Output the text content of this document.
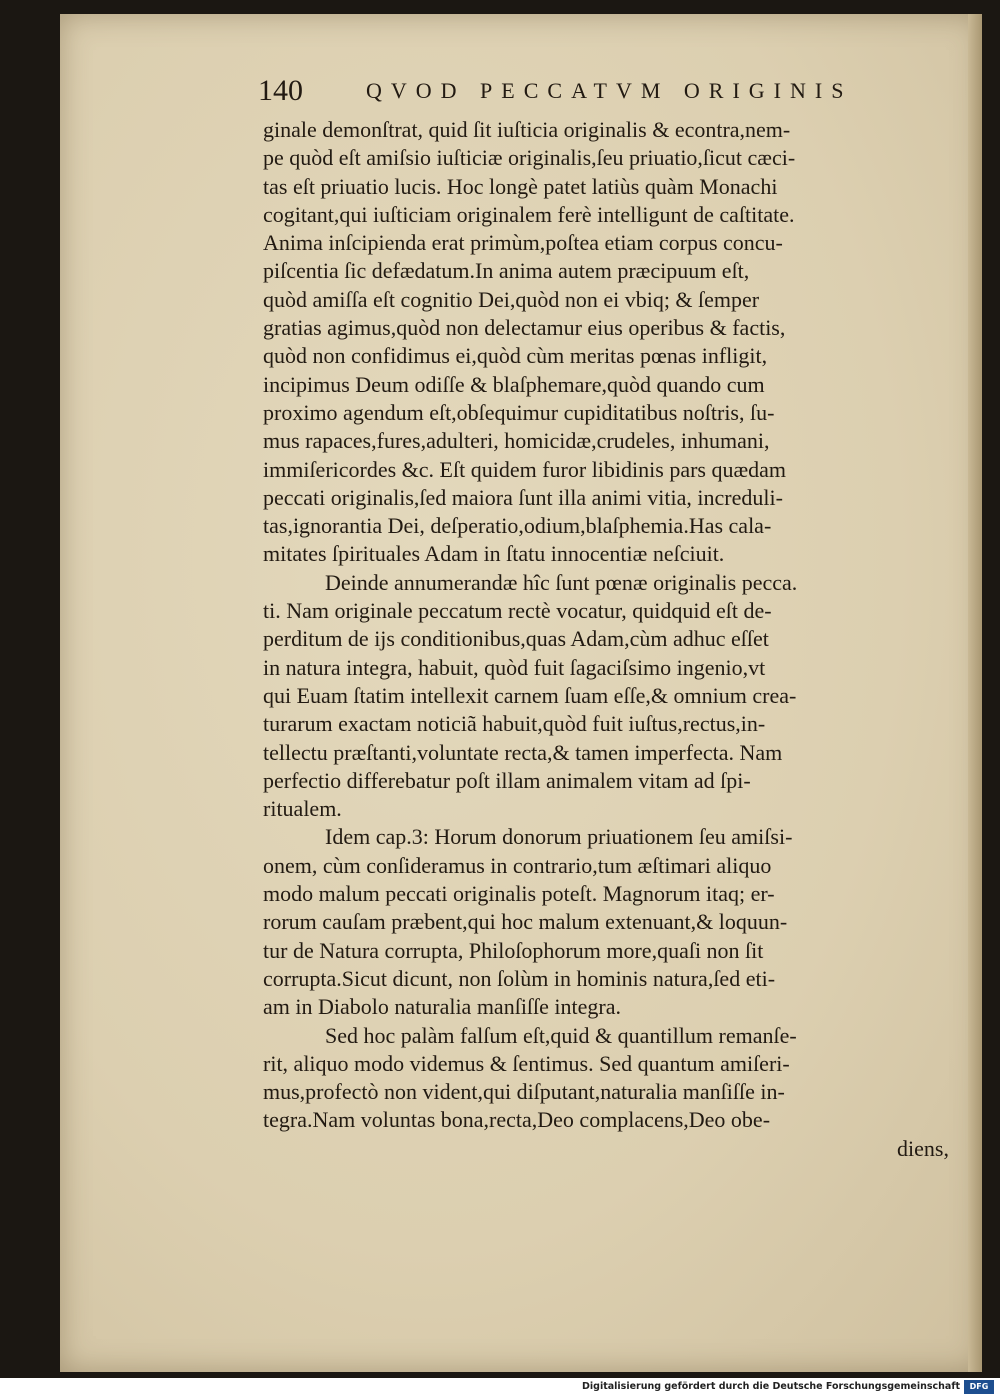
140	QVOD PECCATVM ORIGINIS
ginale demonſtrat, quid ſit iuſticia originalis & econtra,nem-
pe quòd eſt amiſsio iuſticiæ originalis,ſeu priuatio,ſicut cæci-
tas eſt priuatio lucis. Hoc longè patet latiùs quàm Monachi
cogitant,qui iuſticiam originalem ferè intelligunt de caſtitate.
Anima inſcipienda erat primùm,poſtea etiam corpus concu-
piſcentia ſic defædatum.In anima autem præcipuum eſt,
quòd amiſſa eſt cognitio Dei,quòd non ei vbiq; & ſemper
gratias agimus,quòd non delectamur eius operibus & factis,
quòd non confidimus ei,quòd cùm meritas pœnas infligit,
incipimus Deum odiſſe & blaſphemare,quòd quando cum
proximo agendum eſt,obſequimur cupiditatibus noſtris, ſu-
mus rapaces,fures,adulteri, homicidæ,crudeles, inhumani,
immiſericordes &c. Eſt quidem furor libidinis pars quædam
peccati originalis,ſed maiora ſunt illa animi vitia, increduli-
tas,ignorantia Dei, deſperatio,odium,blaſphemia.Has cala-
mitates ſpirituales Adam in ſtatu innocentiæ neſciuit.
Deinde annumerandæ hîc ſunt pœnæ originalis pecca.
ti. Nam originale peccatum rectè vocatur, quidquid eſt de-
perditum de ijs conditionibus,quas Adam,cùm adhuc eſſet
in natura integra, habuit, quòd fuit ſagaciſsimo ingenio,vt
qui Euam ſtatim intellexit carnem ſuam eſſe,& omnium crea-
turarum exactam noticiã habuit,quòd fuit iuſtus,rectus,in-
tellectu præſtanti,voluntate recta,& tamen imperfecta. Nam
perfectio differebatur poſt illam animalem vitam ad ſpi-
ritualem.
Idem cap.3: Horum donorum priuationem ſeu amiſsi-
onem, cùm conſideramus in contrario,tum æſtimari aliquo
modo malum peccati originalis poteſt. Magnorum itaq; er-
rorum cauſam præbent,qui hoc malum extenuant,& loquun-
tur de Natura corrupta, Philoſophorum more,quaſi non ſit
corrupta.Sicut dicunt, non ſolùm in hominis natura,ſed eti-
am in Diabolo naturalia manſiſſe integra.
Sed hoc palàm falſum eſt,quid & quantillum remanſe-
rit, aliquo modo videmus & ſentimus. Sed quantum amiſeri-
mus,profectò non vident,qui diſputant,naturalia manſiſſe in-
tegra.Nam voluntas bona,recta,Deo complacens,Deo obe-
diens,
Digitalisierung gefördert durch die Deutsche Forschungsgemeinschaft	DFG
